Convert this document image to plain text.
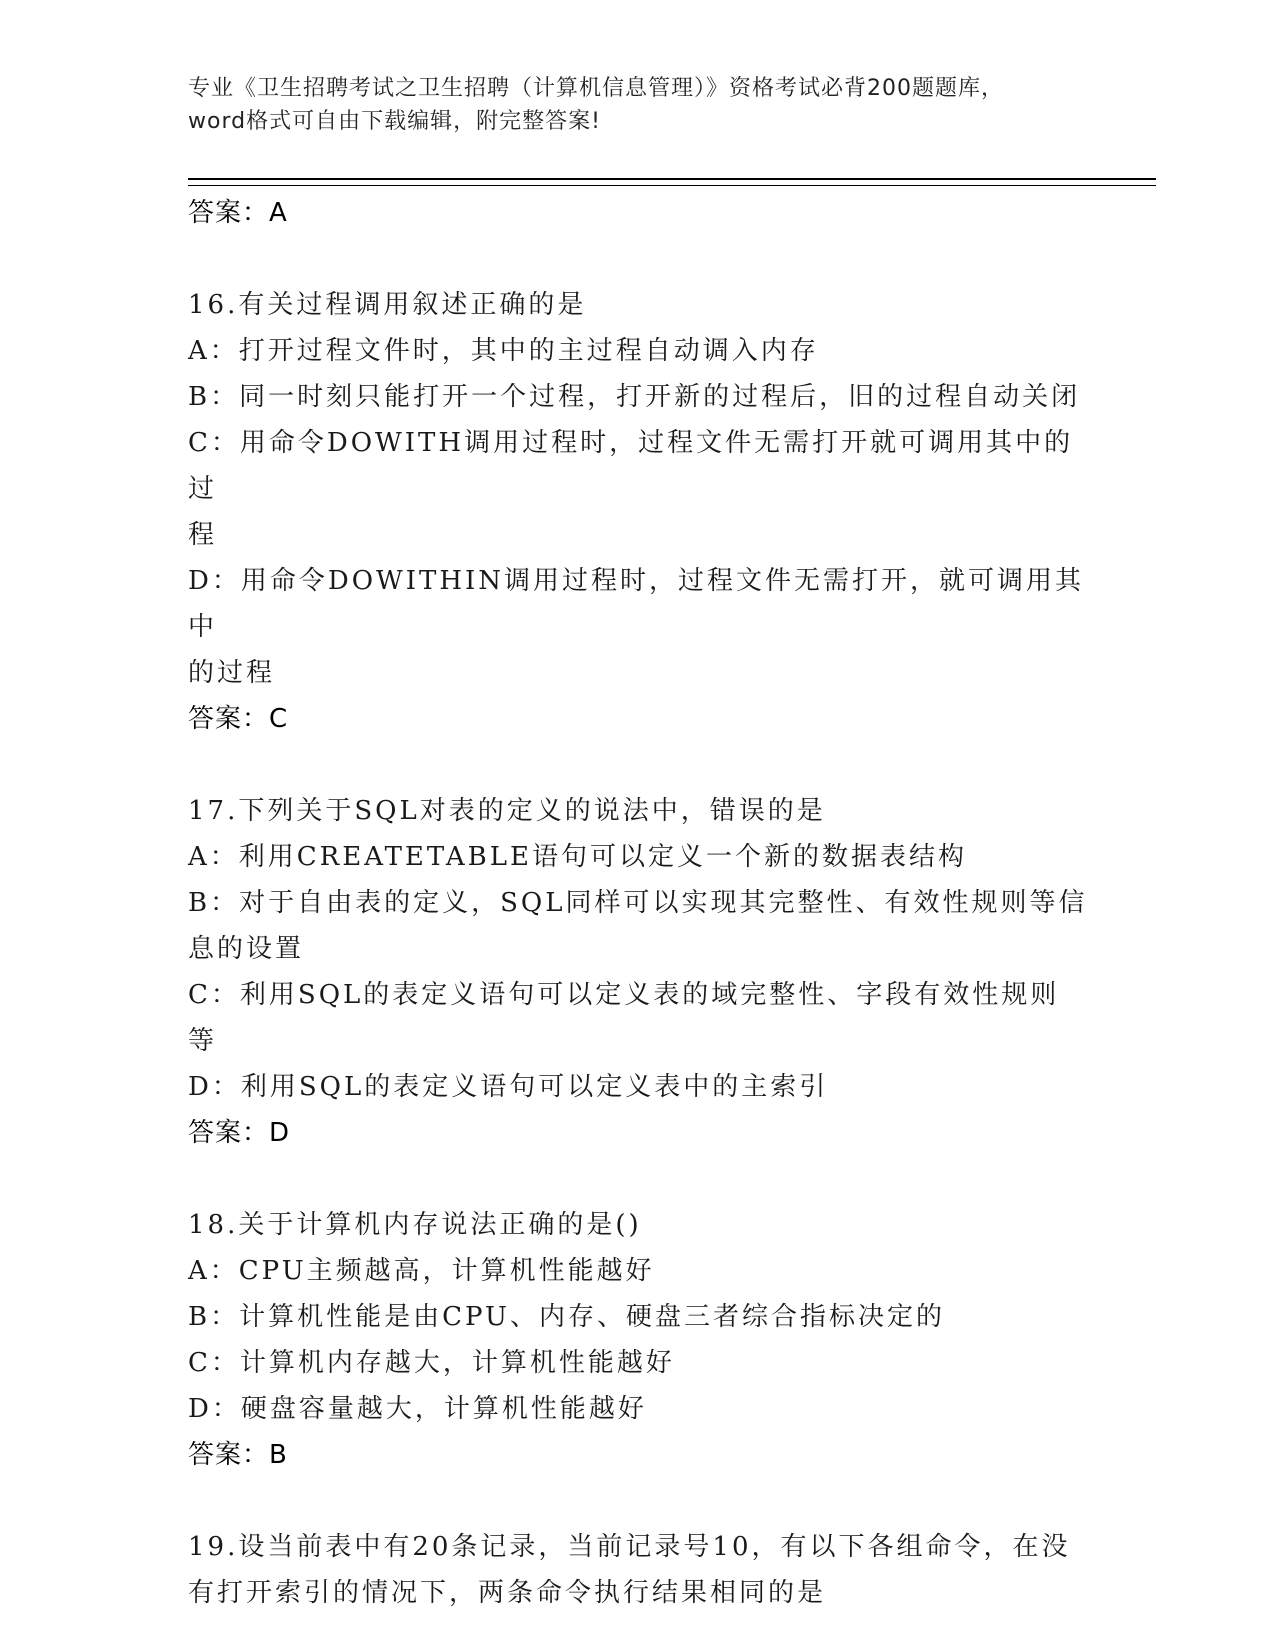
专业《卫生招聘考试之卫生招聘（计算机信息管理）》资格考试必背200题题库，
word格式可自由下载编辑，附完整答案!
答案：A
16.有关过程调用叙述正确的是
A：打开过程文件时，其中的主过程自动调入内存
B：同一时刻只能打开一个过程，打开新的过程后，旧的过程自动关闭
C：用命令DOWITH调用过程时，过程文件无需打开就可调用其中的过
程
D：用命令DOWITHIN调用过程时，过程文件无需打开，就可调用其中
的过程
答案：C
17.下列关于SQL对表的定义的说法中，错误的是
A：利用CREATETABLE语句可以定义一个新的数据表结构
B：对于自由表的定义，SQL同样可以实现其完整性、有效性规则等信
息的设置
C：利用SQL的表定义语句可以定义表的域完整性、字段有效性规则等
D：利用SQL的表定义语句可以定义表中的主索引
答案：D
18.关于计算机内存说法正确的是()
A：CPU主频越高，计算机性能越好
B：计算机性能是由CPU、内存、硬盘三者综合指标决定的
C：计算机内存越大，计算机性能越好
D：硬盘容量越大，计算机性能越好
答案：B
19.设当前表中有20条记录，当前记录号10，有以下各组命令，在没
有打开索引的情况下，两条命令执行结果相同的是
